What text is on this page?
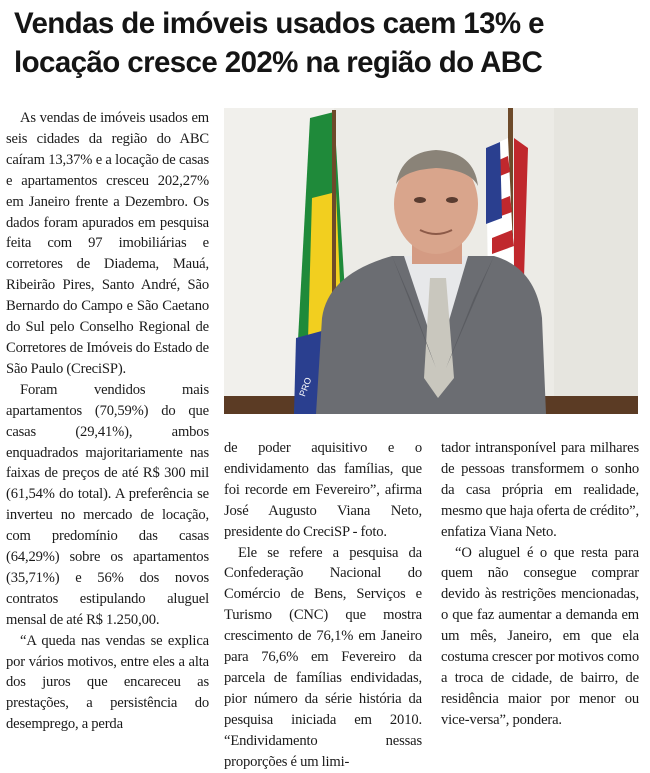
Vendas de imóveis usados caem 13% e
locação cresce 202% na região do ABC

As vendas de imóveis usados em seis cidades da região do ABC caíram 13,37% e a locação de casas e apartamentos cresceu 202,27% em Janeiro frente a Dezembro. Os dados foram apurados em pesquisa feita com 97 imobiliárias e corretores de Diadema, Mauá, Ribeirão Pires, Santo André, São Bernardo do Campo e São Caetano do Sul pelo Conselho Regional de Corretores de Imóveis do Estado de São Paulo (CreciSP).

Foram vendidos mais apartamentos (70,59%) do que casas (29,41%), ambos enquadrados majoritariamente nas faixas de preços de até R$ 300 mil (61,54% do total). A preferência se inverteu no mercado de locação, com predomínio das casas (64,29%) sobre os apartamentos (35,71%) e 56% dos novos contratos estipulando aluguel mensal de até R$ 1.250,00.

“A queda nas vendas se explica por vários motivos, entre eles a alta dos juros que encareceu as prestações, a persistência do desemprego, a perda

PRO

de poder aquisitivo e o endividamento das famílias, que foi recorde em Fevereiro”, afirma José Augusto Viana Neto, presidente do CreciSP - foto.

Ele se refere a pesquisa da Confederação Nacional do Comércio de Bens, Serviços e Turismo (CNC) que mostra crescimento de 76,1% em Janeiro para 76,6% em Fevereiro da parcela de famílias endividadas, pior número da série história da pesquisa iniciada em 2010. “Endividamento nessas proporções é um limi-

tador intransponível para milhares de pessoas transformem o sonho da casa própria em realidade, mesmo que haja oferta de crédito”, enfatiza Viana Neto.

“O aluguel é o que resta para quem não consegue comprar devido às restrições mencionadas, o que faz aumentar a demanda em um mês, Janeiro, em que ela costuma crescer por motivos como a troca de cidade, de bairro, de residência maior por menor ou vice-versa”, pondera.
